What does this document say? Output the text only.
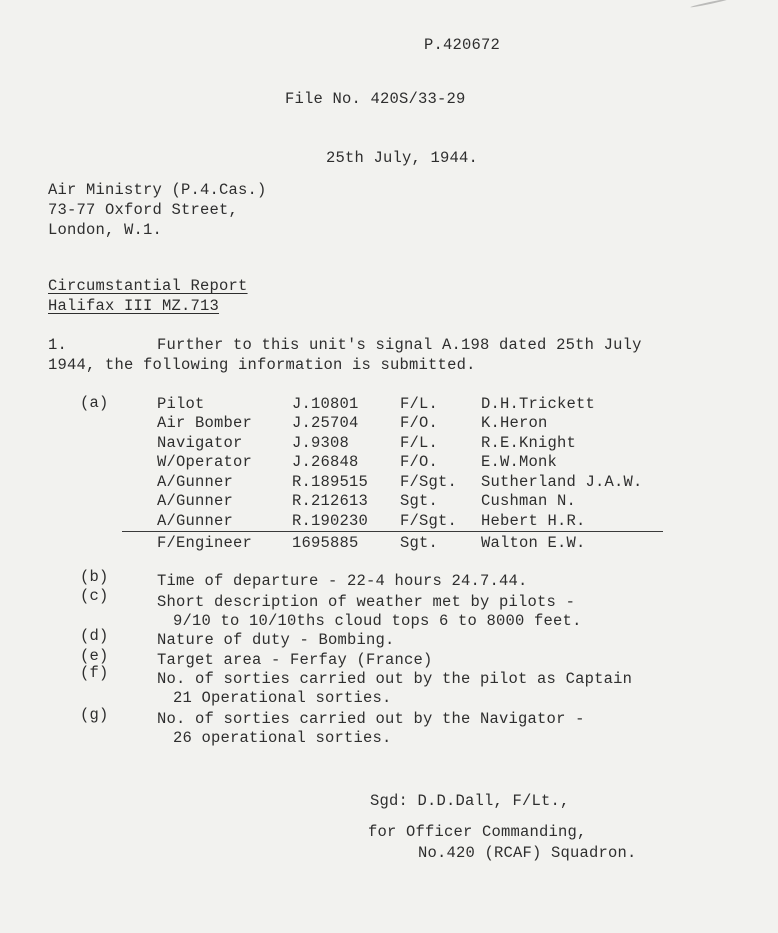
P.420672
File No. 420S/33-29
25th July, 1944.
Air Ministry (P.4.Cas.)
73-77 Oxford Street,
London, W.1.
Circumstantial Report
Halifax III MZ.713
1.	Further to this unit's signal A.198 dated 25th July
1944, the following information is submitted.
(a)	Pilot	J.10801	F/L.	D.H.Trickett
Air Bomber	J.25704	F/O.	K.Heron
Navigator	J.9308	F/L.	R.E.Knight
W/Operator	J.26848	F/O.	E.W.Monk
A/Gunner	R.189515 F/Sgt. Sutherland J.A.W.
A/Gunner	R.212613 Sgt.	Cushman N.
A/Gunner	R.190230 F/Sgt. Hebert H.R.
F/Engineer	1695885	Sgt.	Walton E.W.
(b)	Time of departure - 22-4 hours 24.7.44.
(c)	Short description of weather met by pilots -
9/10 to 10/10ths cloud tops 6 to 8000 feet.
(d)	Nature of duty - Bombing.
(e)	Target area - Ferfay (France)
(f)	No. of sorties carried out by the pilot as Captain
21 Operational sorties.
(g)	No. of sorties carried out by the Navigator -
26 operational sorties.
Sgd: D.D.Dall, F/Lt.,
for Officer Commanding,
No.420 (RCAF) Squadron.
